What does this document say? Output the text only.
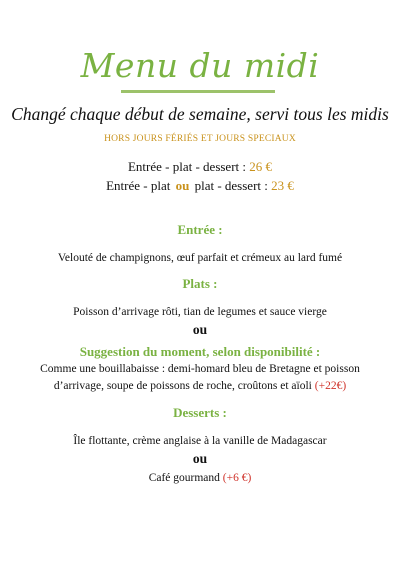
Menu du midi
Changé chaque début de semaine, servi tous les midis
HORS JOURS FÉRIÉS ET JOURS SPECIAUX
Entrée - plat - dessert : 26 €
Entrée - plat ou plat - dessert : 23 €
Entrée :
Velouté de champignons, œuf parfait et crémeux au lard fumé
Plats :
Poisson d’arrivage rôti, tian de legumes et sauce vierge
ou
Suggestion du moment, selon disponibilité :
Comme une bouillabaisse : demi-homard bleu de Bretagne et poisson d’arrivage, soupe de poissons de roche, croûtons et aïoli (+22€)
Desserts :
Île flottante, crème anglaise à la vanille de Madagascar
ou
Café gourmand (+6 €)
